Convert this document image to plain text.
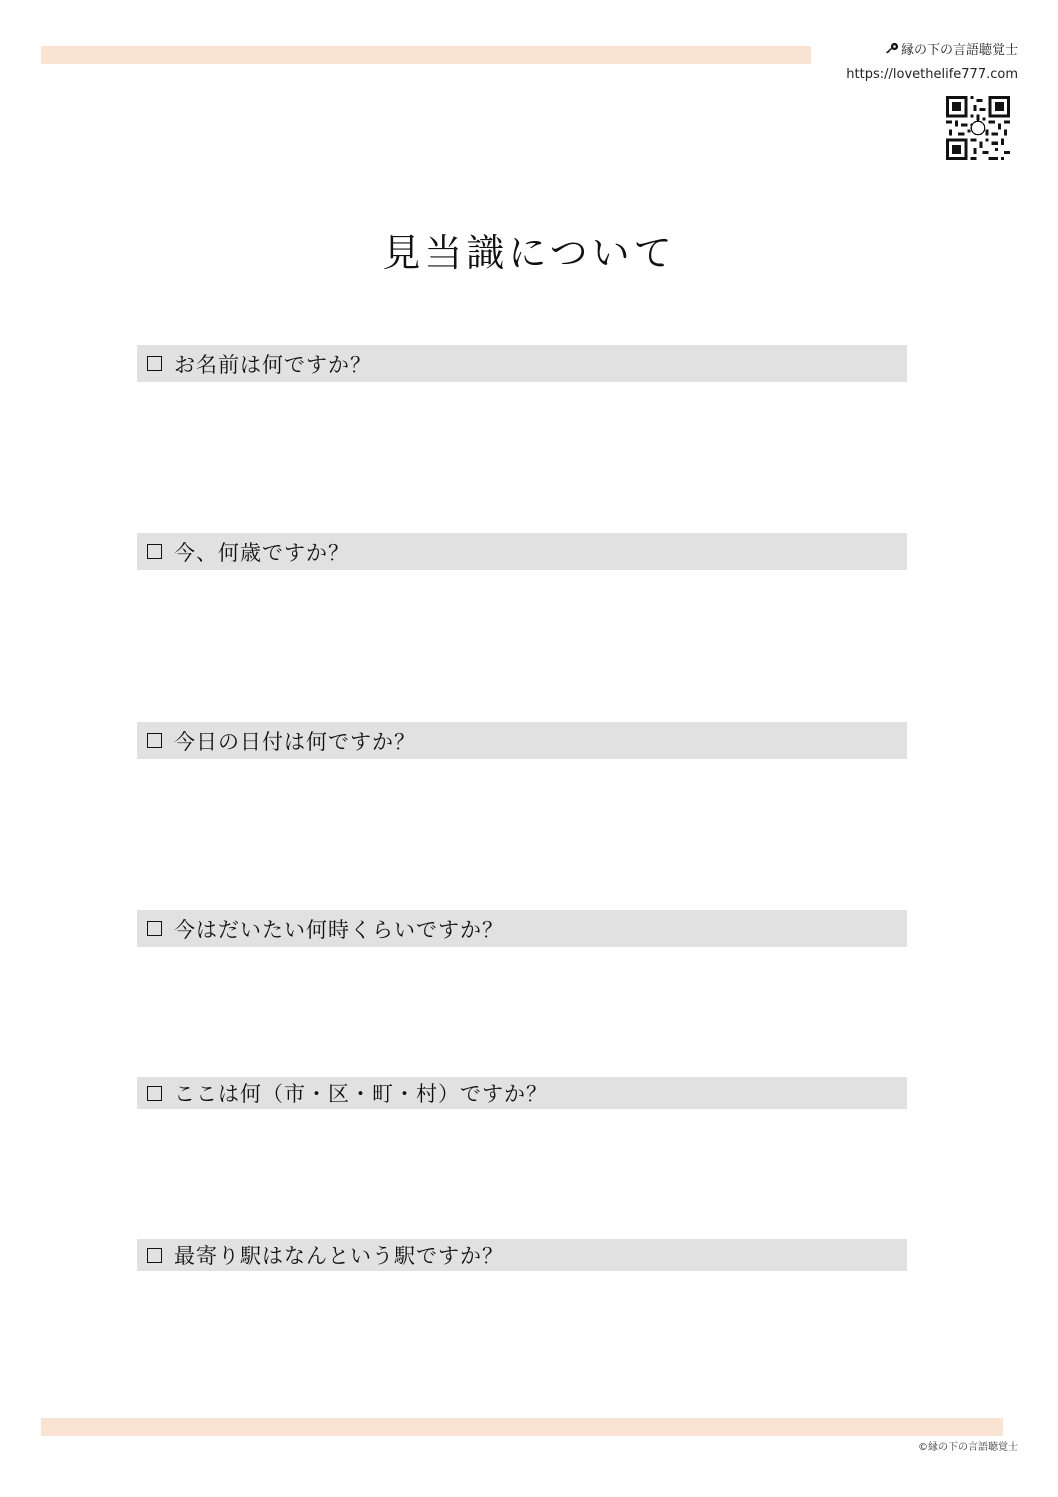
縁の下の言語聴覚士
https://lovethelife777.com
見当識について
お名前は何ですか？
今、何歳ですか？
今日の日付は何ですか？
今はだいたい何時くらいですか？
ここは何（市・区・町・村）ですか？
最寄り駅はなんという駅ですか？
©縁の下の言語聴覚士
